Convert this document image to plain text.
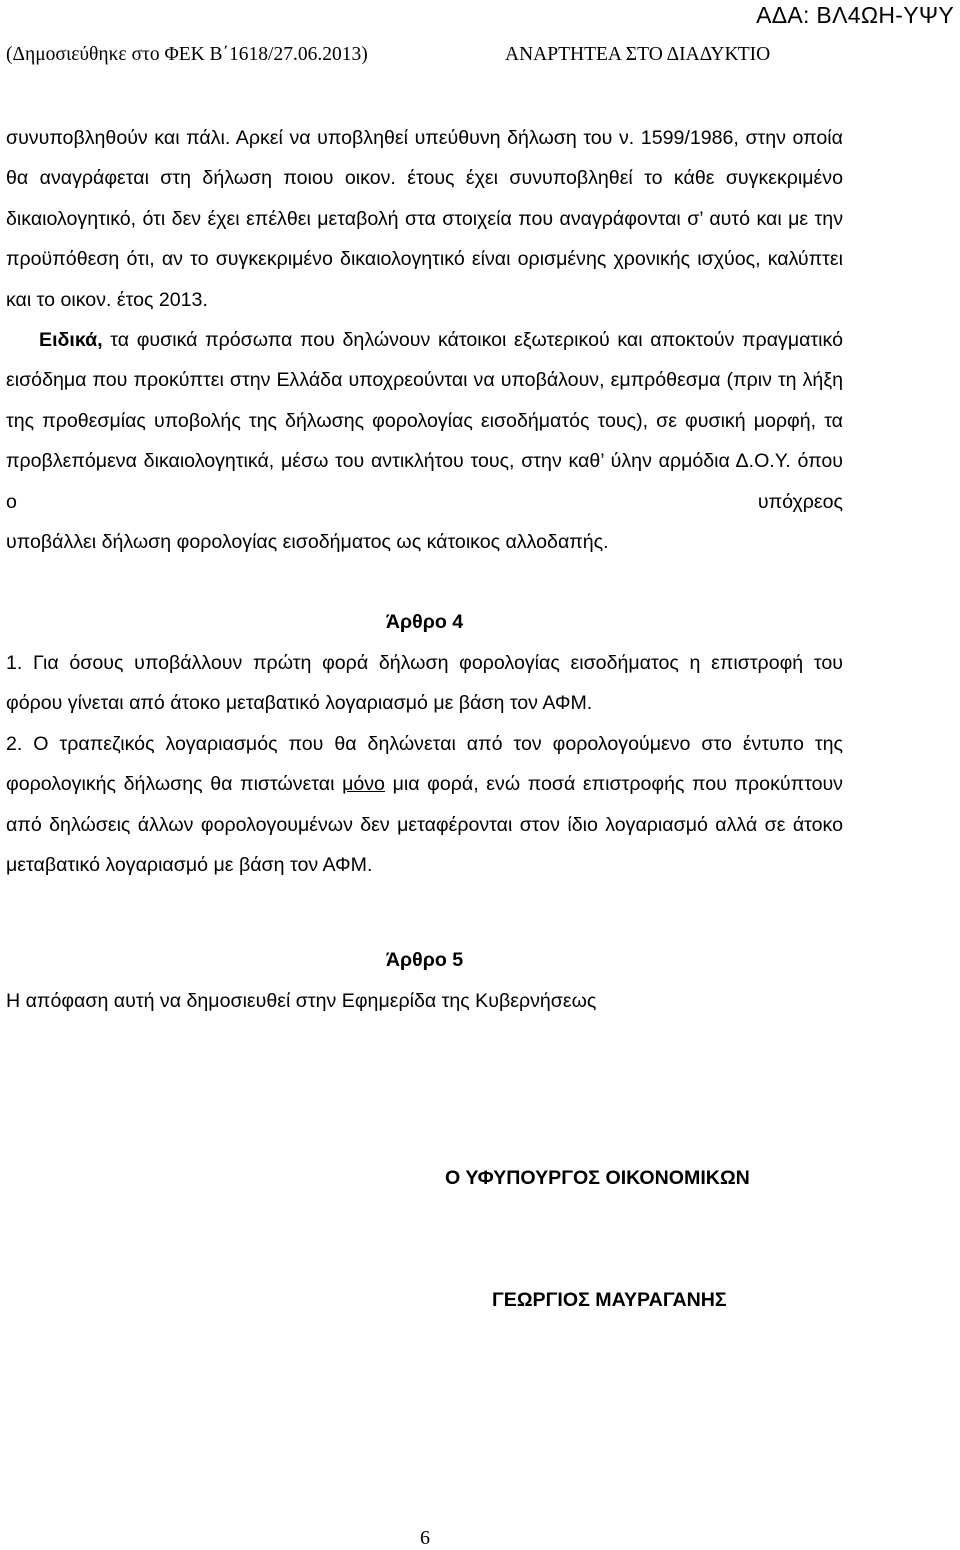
ΑΔΑ: ΒΛ4ΩΗ-ΥΨΥ
(Δημοσιεύθηκε στο ΦΕΚ Β΄1618/27.06.2013)	ΑΝΑΡΤΗΤΕΑ ΣΤΟ ΔΙΑΔΥΚΤΙΟ

συνυποβληθούν και πάλι. Αρκεί να υποβληθεί υπεύθυνη δήλωση του ν. 1599/1986, στην οποία θα αναγράφεται στη δήλωση ποιου οικον. έτους έχει συνυποβληθεί το κάθε συγκεκριμένο δικαιολογητικό, ότι δεν έχει επέλθει μεταβολή στα στοιχεία που αναγράφονται σ’ αυτό και με την προϋπόθεση ότι, αν το συγκεκριμένο δικαιολογητικό είναι ορισμένης χρονικής ισχύος, καλύπτει και το οικον. έτος 2013.

Ειδικά, τα φυσικά πρόσωπα που δηλώνουν κάτοικοι εξωτερικού και αποκτούν πραγματικό εισόδημα που προκύπτει στην Ελλάδα υποχρεούνται να υποβάλουν, εμπρόθεσμα (πριν τη λήξη της προθεσμίας υποβολής της δήλωσης φορολογίας εισοδήματός τους), σε φυσική μορφή, τα προβλεπόμενα δικαιολογητικά, μέσω του αντικλήτου τους, στην καθ’ ύλην αρμόδια Δ.Ο.Υ. όπου ο υπόχρεος

υποβάλλει δήλωση φορολογίας εισοδήματος ως κάτοικος αλλοδαπής.

Άρθρο 4

1. Για όσους υποβάλλουν πρώτη φορά δήλωση φορολογίας εισοδήματος η επιστροφή του φόρου γίνεται από άτοκο μεταβατικό λογαριασμό με βάση τον ΑΦΜ.

2. Ο τραπεζικός λογαριασμός που θα δηλώνεται από τον φορολογούμενο στο έντυπο της φορολογικής δήλωσης θα πιστώνεται μόνο μια φορά, ενώ ποσά επιστροφής που προκύπτουν από δηλώσεις άλλων φορολογουμένων δεν μεταφέρονται στον ίδιο λογαριασμό αλλά σε άτοκο μεταβατικό λογαριασμό με βάση τον ΑΦΜ.

Άρθρο 5

Η απόφαση αυτή να δημοσιευθεί στην Εφημερίδα της Κυβερνήσεως

Ο ΥΦΥΠΟΥΡΓΟΣ ΟΙΚΟΝΟΜΙΚΩΝ
ΓΕΩΡΓΙΟΣ ΜΑΥΡΑΓΑΝΗΣ
6
